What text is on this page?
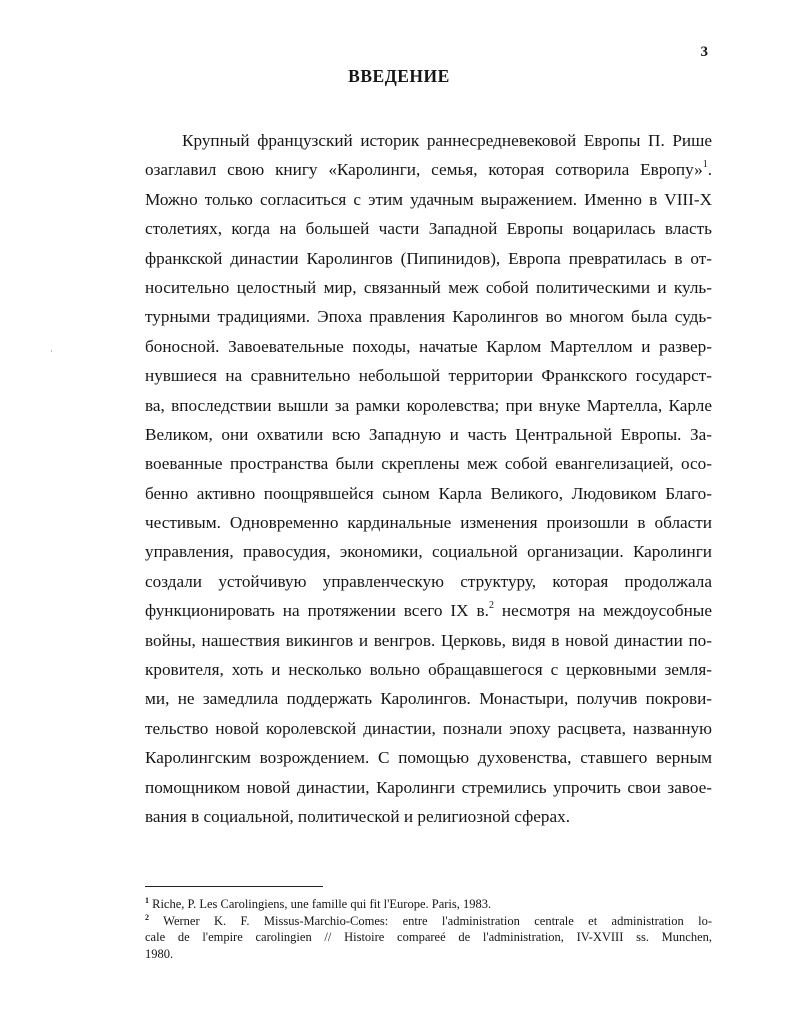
3
ВВЕДЕНИЕ
Крупный французский историк раннесредневековой Европы П. Рише
озаглавил свою книгу «Каролинги, семья, которая сотворила Европу»$^1$.
Можно только согласиться с этим удачным выражением. Именно в VIII-X
столетиях, когда на большей части Западной Европы воцарилась власть
франкской династии Каролингов (Пипинидов), Европа превратилась в от-
носительно целостный мир, связанный меж собой политическими и куль-
турными традициями. Эпоха правления Каролингов во многом была судь-
боносной. Завоевательные походы, начатые Карлом Мартеллом и развер-
нувшиеся на сравнительно небольшой территории Франкского государст-
ва, впоследствии вышли за рамки королевства; при внуке Мартелла, Карле
Великом, они охватили всю Западную и часть Центральной Европы. За-
воеванные пространства были скреплены меж собой евангелизацией, осо-
бенно активно поощрявшейся сыном Карла Великого, Людовиком Благо-
честивым. Одновременно кардинальные изменения произошли в области
управления, правосудия, экономики, социальной организации. Каролинги
создали устойчивую управленческую структуру, которая продолжала
функционировать на протяжении всего IX в.$^2$ несмотря на междоусобные
войны, нашествия викингов и венгров. Церковь, видя в новой династии по-
кровителя, хоть и несколько вольно обращавшегося с церковными земля-
ми, не замедлила поддержать Каролингов. Монастыри, получив покрови-
тельство новой королевской династии, познали эпоху расцвета, названную
Каролингским возрождением. С помощью духовенства, ставшего верным
помощником новой династии, Каролинги стремились упрочить свои завое-
вания в социальной, политической и религиозной сферах.
$^1$ Riche, P. Les Carolingiens, une famille qui fit l'Europe. Paris, 1983.
$^2$ Werner K. F. Missus-Marchio-Comes: entre l'administration centrale et administration lo-
cale de l'empire carolingien // Histoire compareé de l'administration, IV-XVIII ss. Munchen,
1980.
